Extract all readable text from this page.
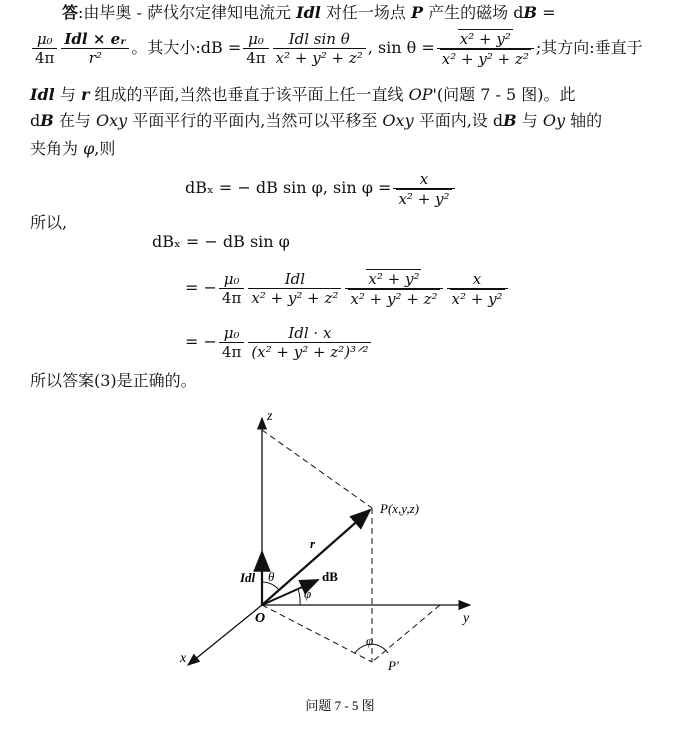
答:由毕奥 - 萨伐尔定律知电流元 Idl 对任一场点 P 产生的磁场 dB =
$\frac{\text{μ₀}}{4\pi} \frac{\text{Idl × eᵣ}}{\text{r²}}$ 。其大小:dB = $\frac{\text{μ₀}}{4\pi} \frac{\text{Idl sin θ}}{\text{x² + y² + z²}}$ , $\sin \theta = \frac{\text{x² + y²}}{\text{x² + y² + z²}}$ ;其方向:垂直于
Idl 与 r 组成的平面,当然也垂直于该平面上任一直线 OP'(问题 7 - 5 图)。此
dB 在与 Oxy 平面平行的平面内,当然可以平移至 Oxy 平面内,设 dB 与 Oy 轴的
夹角为 φ,则
dBₓ = − dB sin φ, $\sin \varphi = \frac{x}{\text{x² + y²}}$
所以,
dBₓ = − dB sin φ
= − $\frac{\text{μ₀}}{4\pi} \frac{\text{Idl}}{\text{x² + y² + z²}} \frac{\text{x² + y²}}{\text{x² + y² + z²}} \frac{x}{\text{x² + y²}}$
= − $\frac{\text{μ₀}}{4\pi} \frac{\text{Idl · x}}{\text{(x² + y² + z²)³ᐟ²}}$
所以答案(3)是正确的。
z
y
x
O
P(x,y,z)
P'
r
Idl θ	dB
φ
φ
问题 7 - 5 图
